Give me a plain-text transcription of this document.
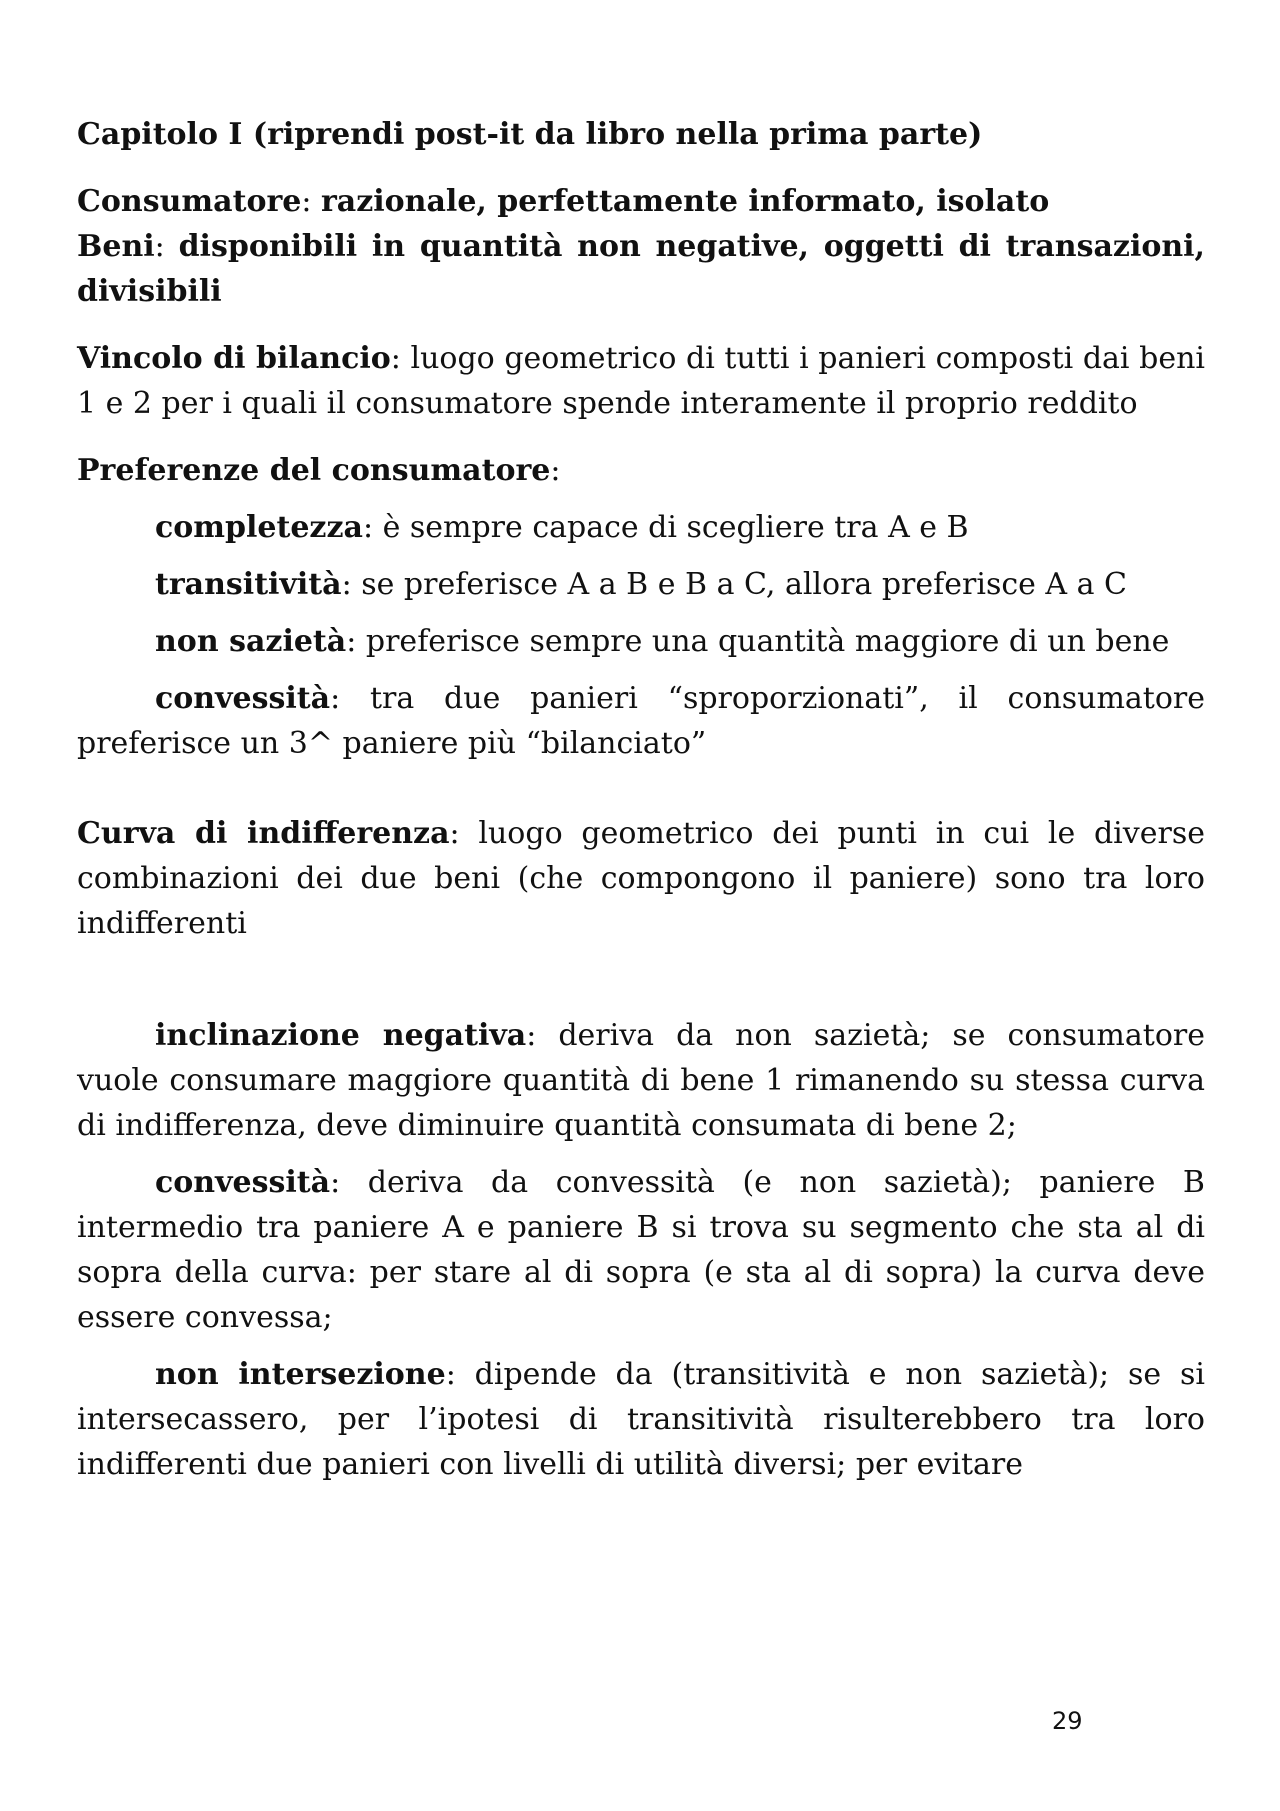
Capitolo I (riprendi post-it da libro nella prima parte)

Consumatore: razionale, perfettamente informato, isolato

Beni: disponibili in quantità non negative, oggetti di transazioni, divisibili

Vincolo di bilancio: luogo geometrico di tutti i panieri composti dai beni 1 e 2 per i quali il consumatore spende interamente il proprio reddito

Preferenze del consumatore:

completezza: è sempre capace di scegliere tra A e B

transitività: se preferisce A a B e B a C, allora preferisce A a C

non sazietà: preferisce sempre una quantità maggiore di un bene

convessità: tra due panieri “sproporzionati”, il consumatore preferisce un 3^ paniere più “bilanciato”

Curva di indifferenza: luogo geometrico dei punti in cui le diverse combinazioni dei due beni (che compongono il paniere) sono tra loro indifferenti

inclinazione negativa: deriva da non sazietà; se consumatore vuole consumare maggiore quantità di bene 1 rimanendo su stessa curva di indifferenza, deve diminuire quantità consumata di bene 2;

convessità: deriva da convessità (e non sazietà); paniere B intermedio tra paniere A e paniere B si trova su segmento che sta al di sopra della curva: per stare al di sopra (e sta al di sopra) la curva deve essere convessa;

non intersezione: dipende da (transitività e non sazietà); se si intersecassero, per l’ipotesi di transitività risulterebbero tra loro indifferenti due panieri con livelli di utilità diversi; per evitare

29
